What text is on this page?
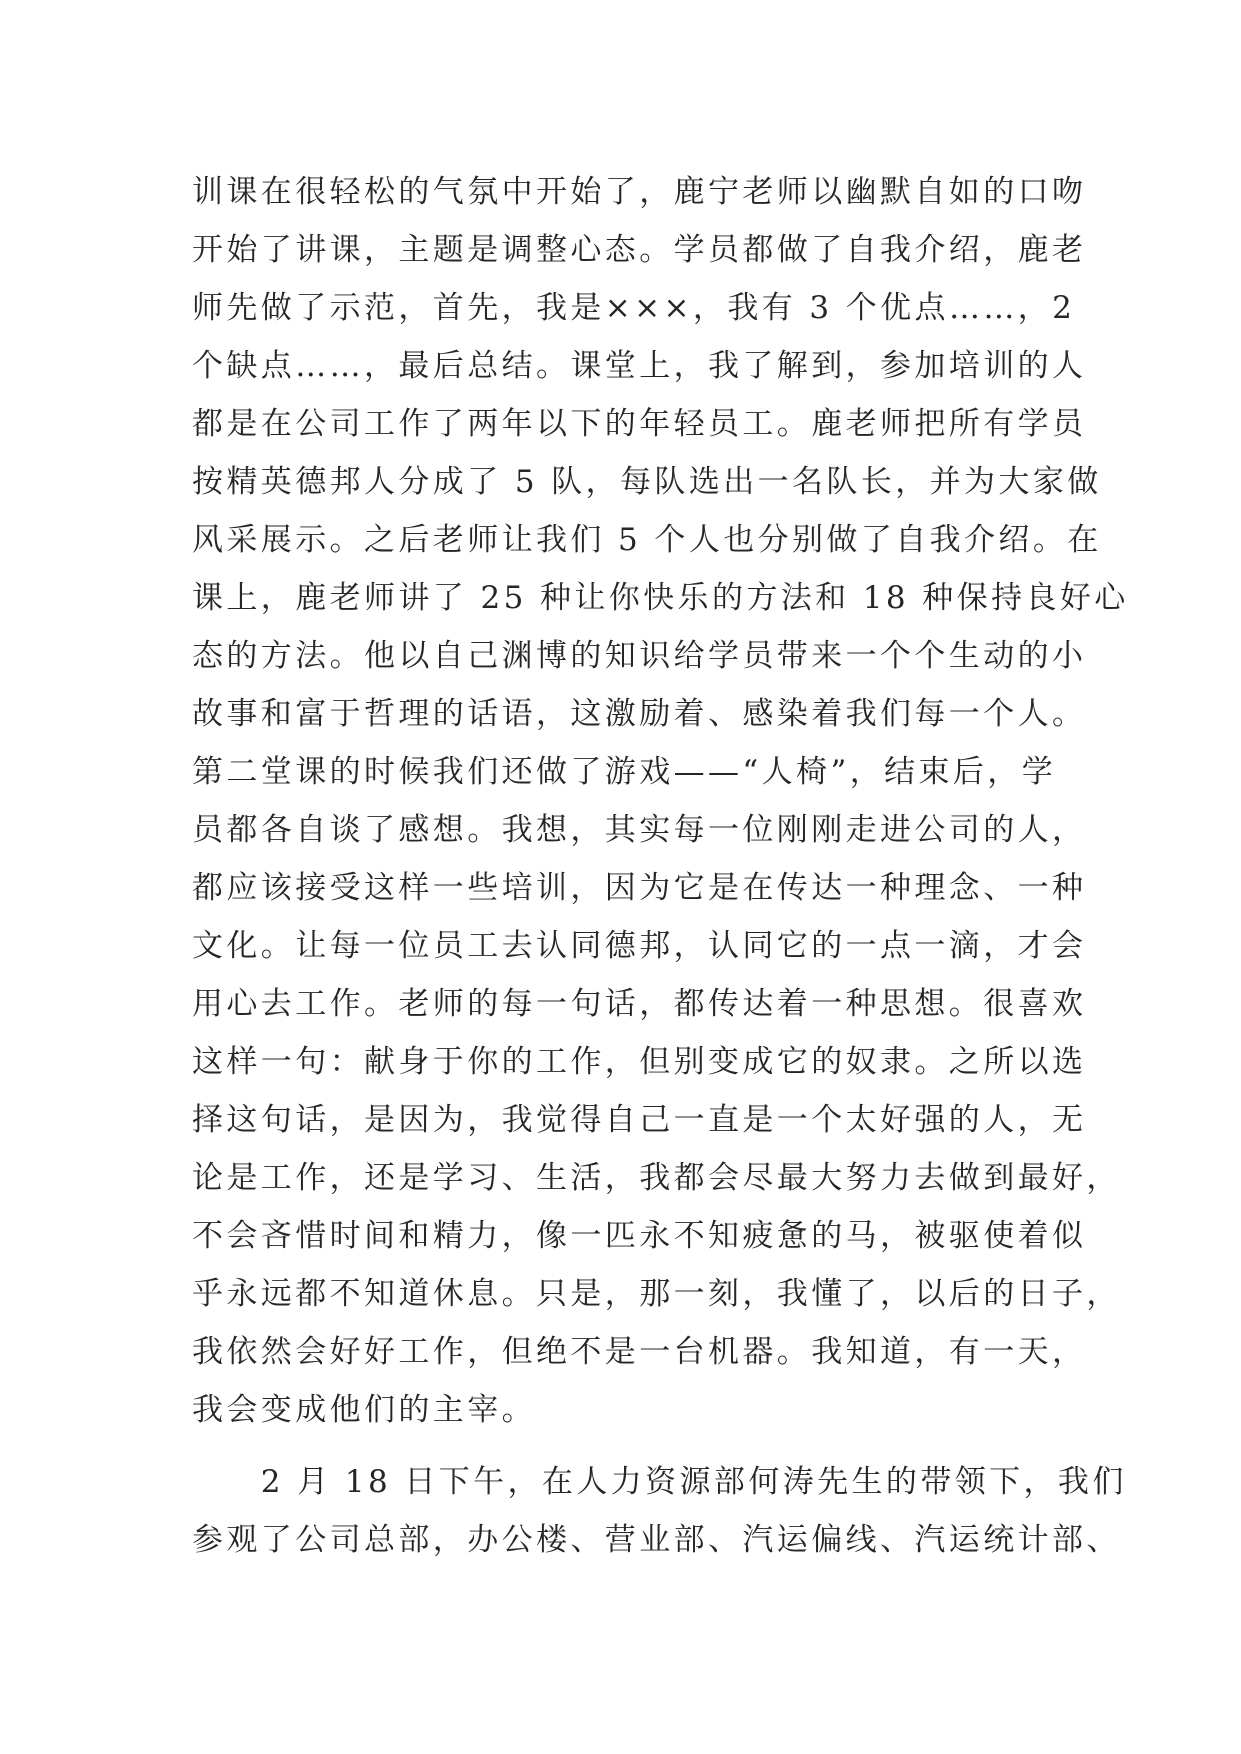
训课在很轻松的气氛中开始了，鹿宁老师以幽默自如的口吻
开始了讲课，主题是调整心态。学员都做了自我介绍，鹿老
师先做了示范，首先，我是×××，我有 3 个优点……，2
个缺点……，最后总结。课堂上，我了解到，参加培训的人
都是在公司工作了两年以下的年轻员工。鹿老师把所有学员
按精英德邦人分成了 5 队，每队选出一名队长，并为大家做
风采展示。之后老师让我们 5 个人也分别做了自我介绍。在
课上，鹿老师讲了 25 种让你快乐的方法和 18 种保持良好心
态的方法。他以自己渊博的知识给学员带来一个个生动的小
故事和富于哲理的话语，这激励着、感染着我们每一个人。
第二堂课的时候我们还做了游戏——“人椅”，结束后，学
员都各自谈了感想。我想，其实每一位刚刚走进公司的人，
都应该接受这样一些培训，因为它是在传达一种理念、一种
文化。让每一位员工去认同德邦，认同它的一点一滴，才会
用心去工作。老师的每一句话，都传达着一种思想。很喜欢
这样一句：献身于你的工作，但别变成它的奴隶。之所以选
择这句话，是因为，我觉得自己一直是一个太好强的人，无
论是工作，还是学习、生活，我都会尽最大努力去做到最好，
不会吝惜时间和精力，像一匹永不知疲惫的马，被驱使着似
乎永远都不知道休息。只是，那一刻，我懂了，以后的日子，
我依然会好好工作，但绝不是一台机器。我知道，有一天，
我会变成他们的主宰。
　　2 月 18 日下午，在人力资源部何涛先生的带领下，我们
参观了公司总部，办公楼、营业部、汽运偏线、汽运统计部、
